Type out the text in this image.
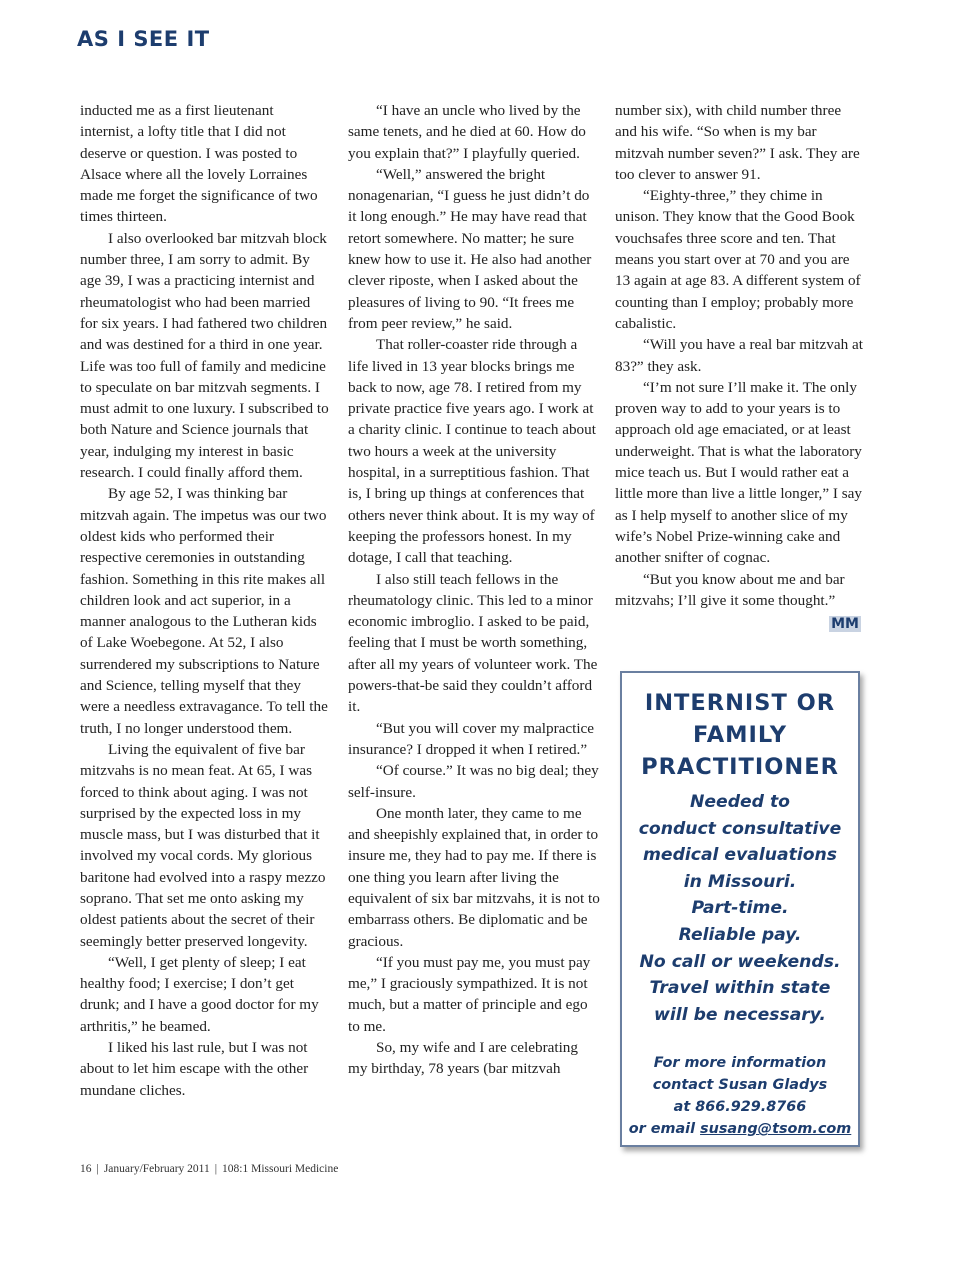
AS I SEE IT

inducted me as a first lieutenant internist, a lofty title that I did not deserve or question. I was posted to Alsace where all the lovely Lorraines made me forget the significance of two times thirteen.

I also overlooked bar mitzvah block number three, I am sorry to admit. By age 39, I was a practicing internist and rheumatologist who had been married for six years. I had fathered two children and was destined for a third in one year. Life was too full of family and medicine to speculate on bar mitzvah segments. I must admit to one luxury. I subscribed to both Nature and Science journals that year, indulging my interest in basic research. I could finally afford them.

By age 52, I was thinking bar mitzvah again. The impetus was our two oldest kids who performed their respective ceremonies in outstanding fashion. Something in this rite makes all children look and act superior, in a manner analogous to the Lutheran kids of Lake Woebegone. At 52, I also surrendered my subscriptions to Nature and Science, telling myself that they were a needless extravagance. To tell the truth, I no longer understood them.

Living the equivalent of five bar mitzvahs is no mean feat. At 65, I was forced to think about aging. I was not surprised by the expected loss in my muscle mass, but I was disturbed that it involved my vocal cords. My glorious baritone had evolved into a raspy mezzo soprano. That set me onto asking my oldest patients about the secret of their seemingly better preserved longevity.

“Well, I get plenty of sleep; I eat healthy food; I exercise; I don’t get drunk; and I have a good doctor for my arthritis,” he beamed.

I liked his last rule, but I was not about to let him escape with the other mundane cliches.

“I have an uncle who lived by the same tenets, and he died at 60. How do you explain that?” I playfully queried.

“Well,” answered the bright nonagenarian, “I guess he just didn’t do it long enough.” He may have read that retort somewhere. No matter; he sure knew how to use it. He also had another clever riposte, when I asked about the pleasures of living to 90. “It frees me from peer review,” he said.

That roller-coaster ride through a life lived in 13 year blocks brings me back to now, age 78. I retired from my private practice five years ago. I work at a charity clinic. I continue to teach about two hours a week at the university hospital, in a surreptitious fashion. That is, I bring up things at conferences that others never think about. It is my way of keeping the professors honest. In my dotage, I call that teaching.

I also still teach fellows in the rheumatology clinic. This led to a minor economic imbroglio. I asked to be paid, feeling that I must be worth something, after all my years of volunteer work. The powers-that-be said they couldn’t afford it.

“But you will cover my malpractice insurance? I dropped it when I retired.”

“Of course.” It was no big deal; they self-insure.

One month later, they came to me and sheepishly explained that, in order to insure me, they had to pay me. If there is one thing you learn after living the equivalent of six bar mitzvahs, it is not to embarrass others. Be diplomatic and be gracious.

“If you must pay me, you must pay me,” I graciously sympathized. It is not much, but a matter of principle and ego to me.

So, my wife and I are celebrating my birthday, 78 years (bar mitzvah

number six), with child number three and his wife. “So when is my bar mitzvah number seven?” I ask. They are too clever to answer 91.

“Eighty-three,” they chime in unison. They know that the Good Book vouchsafes three score and ten. That means you start over at 70 and you are 13 again at age 83. A different system of counting than I employ; probably more cabalistic.

“Will you have a real bar mitzvah at 83?” they ask.

“I’m not sure I’ll make it. The only proven way to add to your years is to approach old age emaciated, or at least underweight. That is what the laboratory mice teach us. But I would rather eat a little more than live a little longer,” I say as I help myself to another slice of my wife’s Nobel Prize-winning cake and another snifter of cognac.

“But you know about me and bar mitzvahs; I’ll give it some thought.”

MM
INTERNIST OR
FAMILY
PRACTITIONER
Needed to
conduct consultative
medical evaluations
in Missouri.
Part-time.
Reliable pay.
No call or weekends.
Travel within state
will be necessary.
For more information
contact Susan Gladys
at 866.929.8766
or email susang@tsom.com
16 | January/February 2011 | 108:1 Missouri Medicine
